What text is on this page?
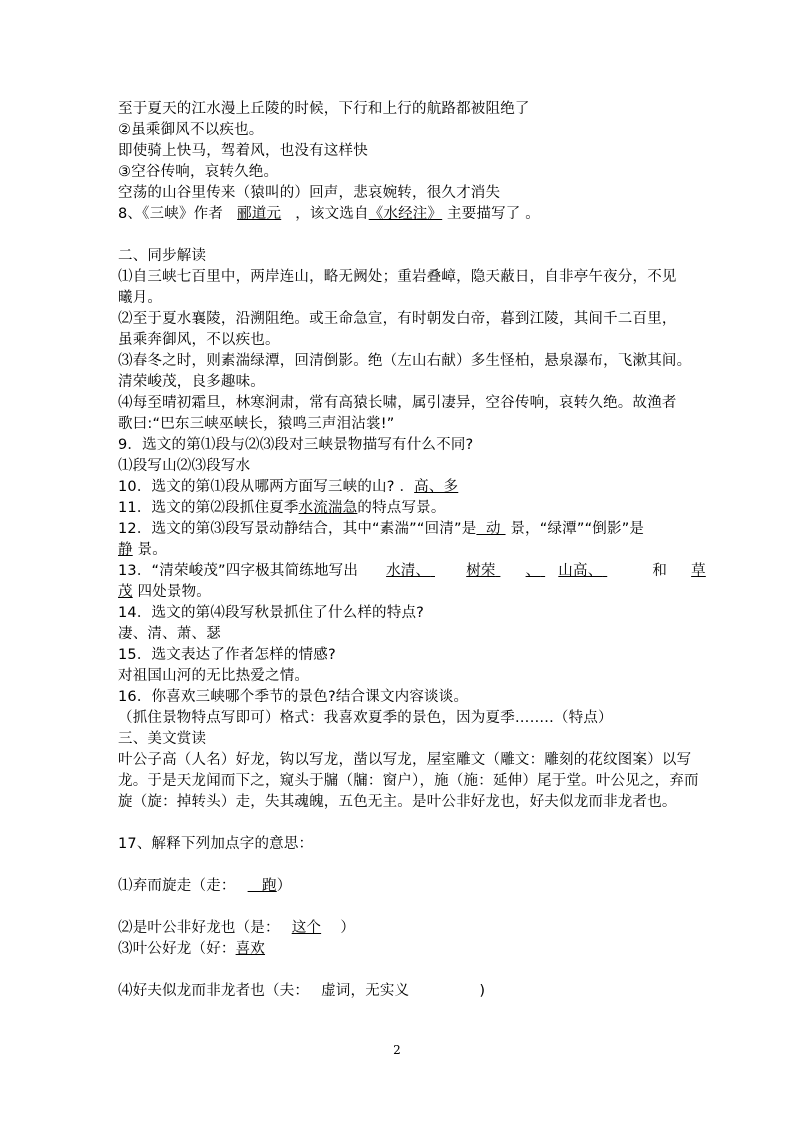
至于夏天的江水漫上丘陵的时候，下行和上行的航路都被阻绝了
②虽乘御风不以疾也。
即使骑上快马，驾着风，也没有这样快
③空谷传响，哀转久绝。
空荡的山谷里传来（猿叫的）回声，悲哀婉转，很久才消失
8、《三峡》作者 郦道元 ，该文选自《水经注》 主要描写了 。
二、同步解读
⑴自三峡七百里中，两岸连山，略无阙处；重岩叠嶂，隐天蔽日，自非亭午夜分，不见
曦月。
⑵至于夏水襄陵，沿溯阻绝。或王命急宣，有时朝发白帝，暮到江陵，其间千二百里，
虽乘奔御风，不以疾也。
⑶春冬之时，则素湍绿潭，回清倒影。绝（左山右献）多生怪柏，悬泉瀑布，飞漱其间。
清荣峻茂，良多趣味。
⑷每至晴初霜旦，林寒涧肃，常有高猿长啸，属引凄异，空谷传响，哀转久绝。故渔者
歌曰:“巴东三峡巫峡长，猿鸣三声泪沾裳!”
9．选文的第⑴段与⑵⑶段对三峡景物描写有什么不同?
⑴段写山⑵⑶段写水
10．选文的第⑴段从哪两方面写三峡的山? ．高、多
11．选文的第⑵段抓住夏季水流湍急的特点写景。
12．选文的第⑶段写景动静结合，其中“素湍”“回清”是  动  景，“绿潭”“倒影”是
静 景。
13．“清荣峻茂”四字极其简练地写出 水清、 树荣 、 山高、	和 草
茂 四处景物。
14．选文的第⑷段写秋景抓住了什么样的特点?
凄、清、萧、瑟
15．选文表达了作者怎样的情感?
对祖国山河的无比热爱之情。
16．你喜欢三峡哪个季节的景色?结合课文内容谈谈。
（抓住景物特点写即可）格式：我喜欢夏季的景色，因为夏季……..（特点）
三、美文赏读
叶公子高（人名）好龙，钩以写龙，凿以写龙，屋室雕文（雕文：雕刻的花纹图案）以写
龙。于是天龙闻而下之，窥头于牖（牖：窗户），施（施：延伸）尾于堂。叶公见之，弃而
旋（旋：掉转头）走，失其魂魄，五色无主。是叶公非好龙也，好夫似龙而非龙者也。
17、解释下列加点字的意思：
⑴弃而旋走（走：   跑）
⑵是叶公非好龙也（是： 这个    ）
⑶叶公好龙（好：喜欢
⑷好夫似龙而非龙者也（夫： 虚词，无实义	)
2
